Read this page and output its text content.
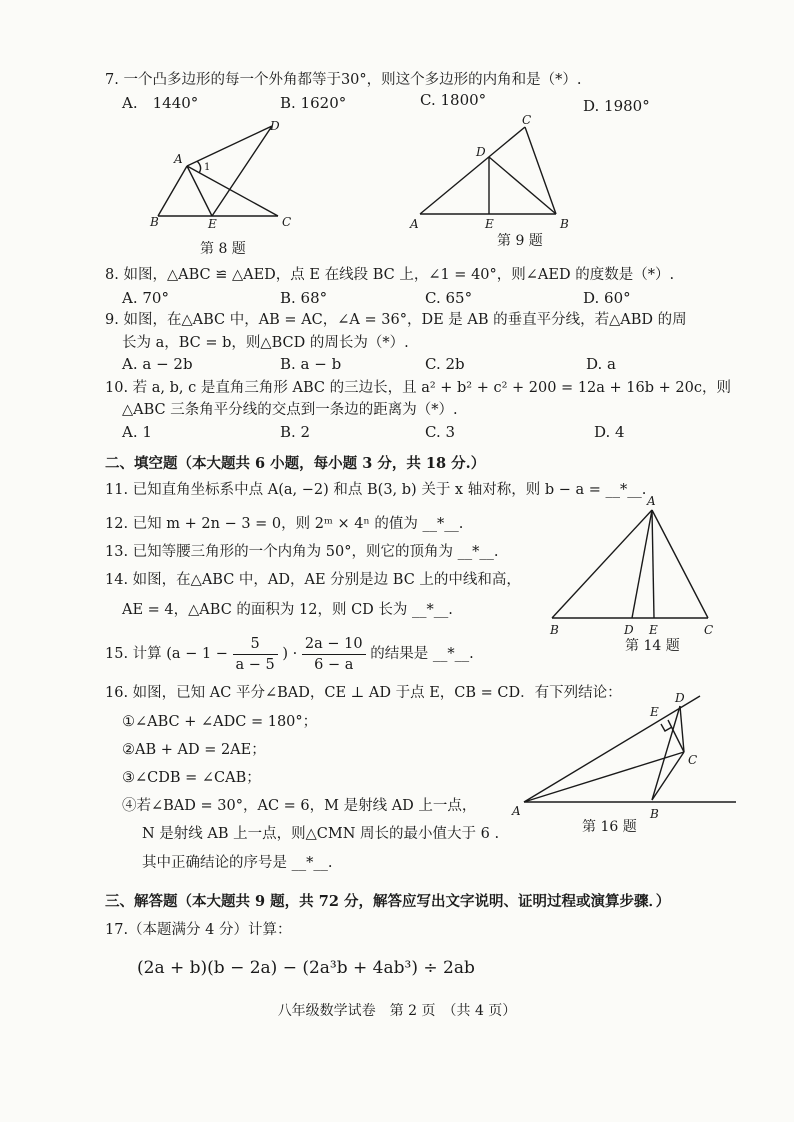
7. 一个凸多边形的每一个外角都等于30°，则这个多边形的内角和是（*）.
A.　1440°	B. 1620°	C. 1800°	D. 1980°
A
1
D
B	E	C
第 8 题
C
D
A	E	B
第 9 题
8. 如图，△ABC ≌ △AED，点 E 在线段 BC 上，∠1 = 40°，则∠AED 的度数是（*）.
A. 70°	B. 68°	C. 65°	D. 60°
9. 如图，在△ABC 中，AB = AC，∠A = 36°，DE 是 AB 的垂直平分线，若△ABD 的周
长为 a，BC = b，则△BCD 的周长为（*）.
A. a − 2b	B. a − b	C. 2b	D. a
10. 若 a, b, c 是直角三角形 ABC 的三边长，且 a² + b² + c² + 200 = 12a + 16b + 20c，则
△ABC 三条角平分线的交点到一条边的距离为（*）.
A. 1	B. 2	C. 3	D. 4
二、填空题（本大题共 6 小题，每小题 3 分，共 18 分.）
11. 已知直角坐标系中点 A(a, −2) 和点 B(3, b) 关于 x 轴对称，则 b − a = __*__.
12. 已知 m + 2n − 3 = 0，则 2ᵐ × 4ⁿ 的值为 __*__.
13. 已知等腰三角形的一个内角为 50°，则它的顶角为 __*__.
14. 如图，在△ABC 中，AD，AE 分别是边 BC 上的中线和高，
AE = 4，△ABC 的面积为 12，则 CD 长为 __*__.
A
B	D E	C
第 14 题
15. 计算 ($a - 1 - \frac{5}{a - 5}$ ) · $\frac{2a - 10}{6 - a}$ 的结果是 __*__.
16. 如图，已知 AC 平分∠BAD，CE ⊥ AD 于点 E，CB = CD．有下列结论：
①∠ABC + ∠ADC = 180°；
②AB + AD = 2AE；
③∠CDB = ∠CAB；
④若∠BAD = 30°，AC = 6，M 是射线 AD 上一点，
N 是射线 AB 上一点，则△CMN 周长的最小值大于 6 .
其中正确结论的序号是 __*__.
D
E
C
A	B
第 16 题
三、解答题（本大题共 9 题，共 72 分，解答应写出文字说明、证明过程或演算步骤．）
17.（本题满分 4 分）计算：
(2a + b)(b − 2a) − (2a³b + 4ab³) ÷ 2ab
八年级数学试卷　第 2 页　（共 4 页）
